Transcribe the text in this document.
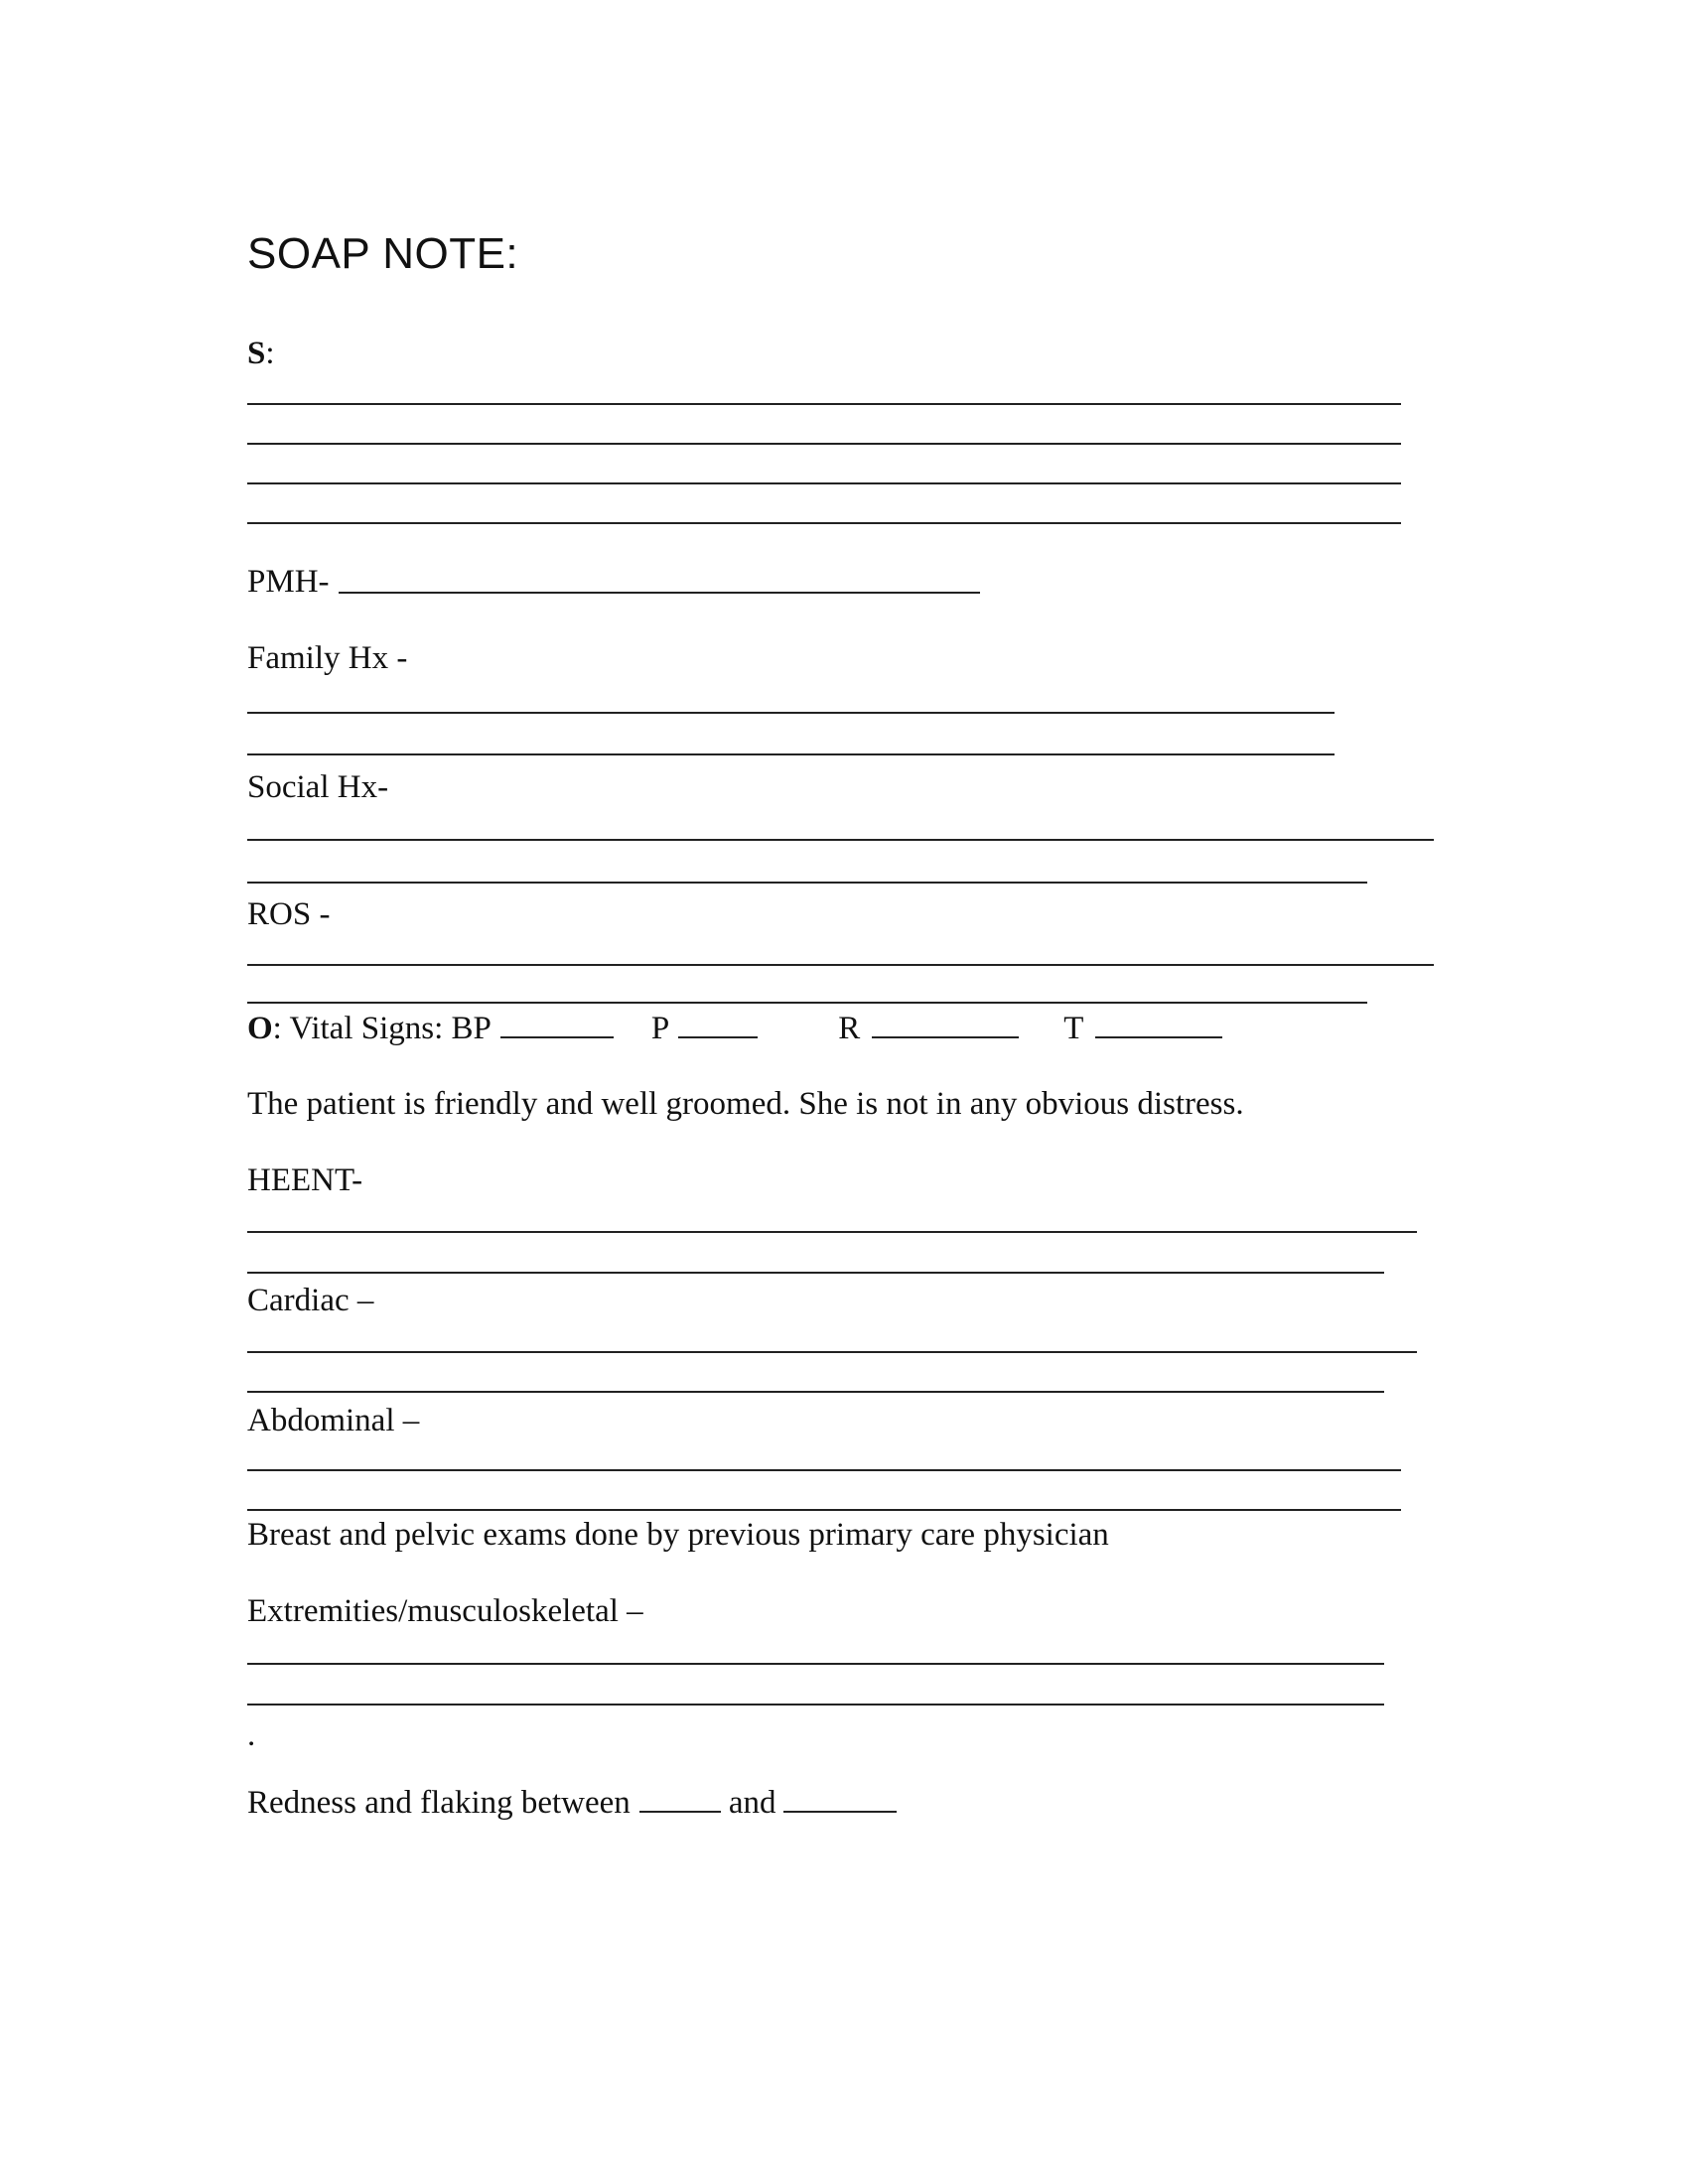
SOAP NOTE:
S:
PMH-
Family Hx -
Social Hx-
ROS -
O: Vital Signs: BP	P	R	T
The patient is friendly and well groomed. She is not in any obvious distress.
HEENT-
Cardiac –
Abdominal –
Breast and pelvic exams done by previous primary care physician
Extremities/musculoskeletal –
.
Redness and flaking between	and
